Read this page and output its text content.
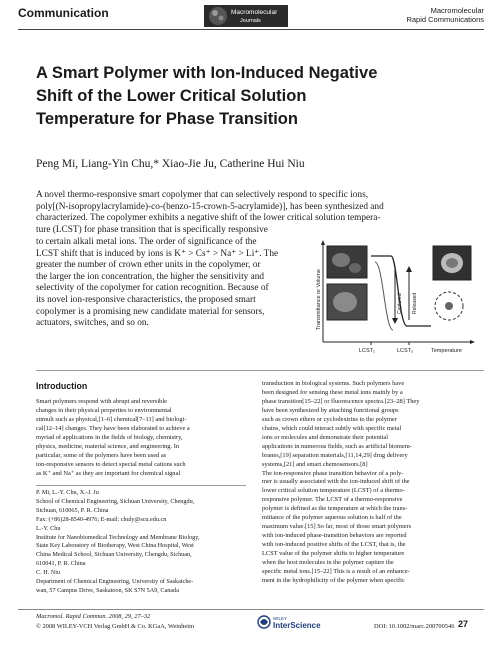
Communication	Macromolecular
Journals
Macromolecular
Rapid Communications
A Smart Polymer with Ion-Induced Negative
Shift of the Lower Critical Solution
Temperature for Phase Transition
Peng Mi, Liang-Yin Chu,* Xiao-Jie Ju, Catherine Hui Niu
A novel thermo-responsive smart copolymer that can selectively respond to specific ions,
poly[(N-isopropylacrylamide)-co-(benzo-15-crown-5-acrylamide)], has been synthesized and
characterized. The copolymer exhibits a negative shift of the lower critical solution tempera-
ture (LCST) for phase transition that is specifically responsive
to certain alkali metal ions. The order of significance of the
LCST shift that is induced by ions is K⁺ > Cs⁺ > Na⁺ > Li⁺. The
greater the number of crown ether units in the copolymer, or
the larger the ion concentration, the higher the sensitivity and
selectivity of the copolymer for cation recognition. Because of
its novel ion-responsive characteristics, the proposed smart
copolymer is a promising new candidate material for sensors,
actuators, switches, and so on.	Transmittance or Volume	Captured Released
LCST₁	LCST₂	Temperature
Introduction
Smart polymers respond with abrupt and reversible
changes in their physical properties to environmental
stimuli such as physical,[1–6] chemical[7–11] and biologi-
cal[12–14] changes. They have been elaborated to achieve a
myriad of applications in the fields of biology, chemistry,
physics, medicine, material science, and engineering. In
particular, some of the polymers have been used as
ion-responsive sensors to detect special metal cations such
as K⁺ and Na⁺ as they are important for chemical signal
P. Mi, L.-Y. Chu, X.-J. Ju
School of Chemical Engineering, Sichuan University, Chengdu,
Sichuan, 610065, P. R. China
Fax: (+86)28-8540-4976; E-mail: chuly@scu.edu.cn
L.-Y. Chu
Institute for Nanobiomedical Technology and Membrane Biology,
State Key Laboratory of Biotherapy, West China Hospital, West
China Medical School, Sichuan University, Chengdu, Sichuan,
610041, P. R. China
C. H. Niu
Department of Chemical Engineering, University of Saskatche-
wan, 57 Campus Drive, Saskatoon, SK S7N 5A9, Canada
transduction in biological systems. Such polymers have
been designed for sensing these metal ions mainly by a
phase transition[15–22] or fluorescence spectra.[23–28] They
have been synthesized by attaching functional groups
such as crown ethers or cyclodextrins to the polymer
chains, which could interact subtly with specific metal
ions or molecules and demonstrate their potential
applications in numerous fields, such as artificial biomem-
branes,[19] separation materials,[11,14,29] drug delivery
systems,[21] and smart chemosensors.[8]
The ion-responsive phase transition behavior of a poly-
mer is usually associated with the ion-induced shift of the
lower critical solution temperature (LCST) of a thermo-
responsive polymer. The LCST of a thermo-responsive
polymer is defined as the temperature at which the trans-
mittance of the polymer aqueous solution is half of the
maximum value.[15] So far, most of those smart polymers
with ion-induced phase-transition behaviors are reported
with ion-induced positive shifts of the LCST, that is, the
LCST value of the polymer shifts to higher temperature
when the host molecules in the polymer capture the
specific metal ions.[15–22] This is a result of an enhance-
ment in the hydrophilicity of the polymer when specific
Macromol. Rapid Commun. 2008, 29, 27–32
© 2008 WILEY-VCH Verlag GmbH & Co. KGaA, Weinheim
WILEY
InterScience	DOI: 10.1002/marc.200700546 27
